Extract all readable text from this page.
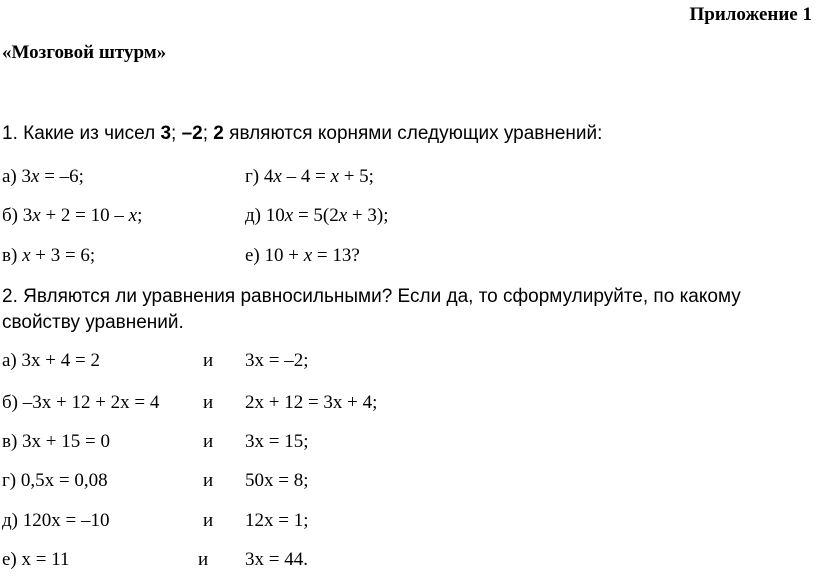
Приложение 1
«Мозговой штурм»
1. Какие из чисел 3; –2; 2 являются корнями следующих уравнений:
а) 3x = –6;	г) 4x – 4 = x + 5;
б) 3x + 2 = 10 – x;	д) 10x = 5(2x + 3);
в) x + 3 = 6;	е) 10 + x = 13?
2. Являются ли уравнения равносильными? Если да, то сформулируйте, по какому
свойству уравнений.
а) 3х + 4 = 2	и 3х = –2;
б) –3х + 12 + 2х = 4 и 2х + 12 = 3х + 4;
в) 3х + 15 = 0	и 3х = 15;
г) 0,5х = 0,08	и 50х = 8;
д) 120х = –10	и 12х = 1;
е) х = 11	и 3х = 44.
